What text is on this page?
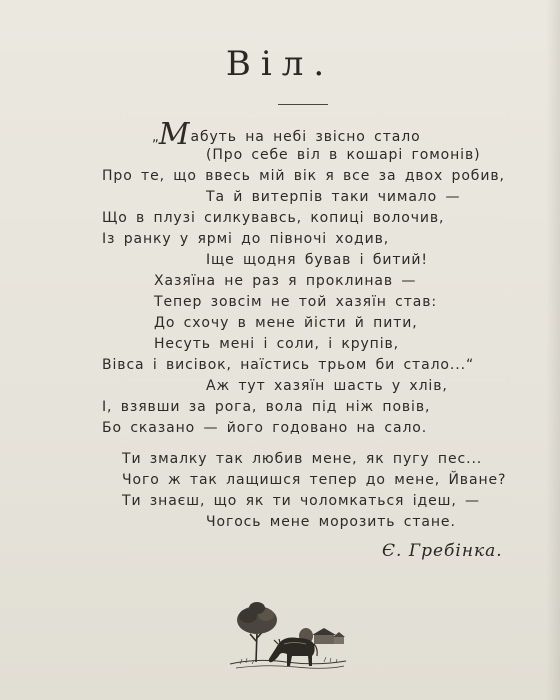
Віл.
„Мабуть на небі звісно стало
(Про себе віл в кошарі гомонів)
Про те, що ввесь мій вік я все за двох робив,
Та й витерпів таки чимало —
Що в плузі силкувавсь, копиці волочив,
Із ранку у ярмі до півночі ходив,
Іще щодня бував і битий!
Хазяїна не раз я проклинав —
Тепер зовсім не той хазяїн став:
До схочу в мене йісти й пити,
Несуть мені і соли, і крупів,
Вівса і висівок, наїстись трьом би стало...“
Аж тут хазяїн шасть у хлів,
І, взявши за рога, вола під ніж повів,
Бо сказано — його годовано на сало.
Ти змалку так любив мене, як пугу пес...
Чого ж так лащишся тепер до мене, Йване?
Ти знаєш, що як ти чоломкаться ідеш, —
Чогось мене морозить стане.
Є. Гребінка.
